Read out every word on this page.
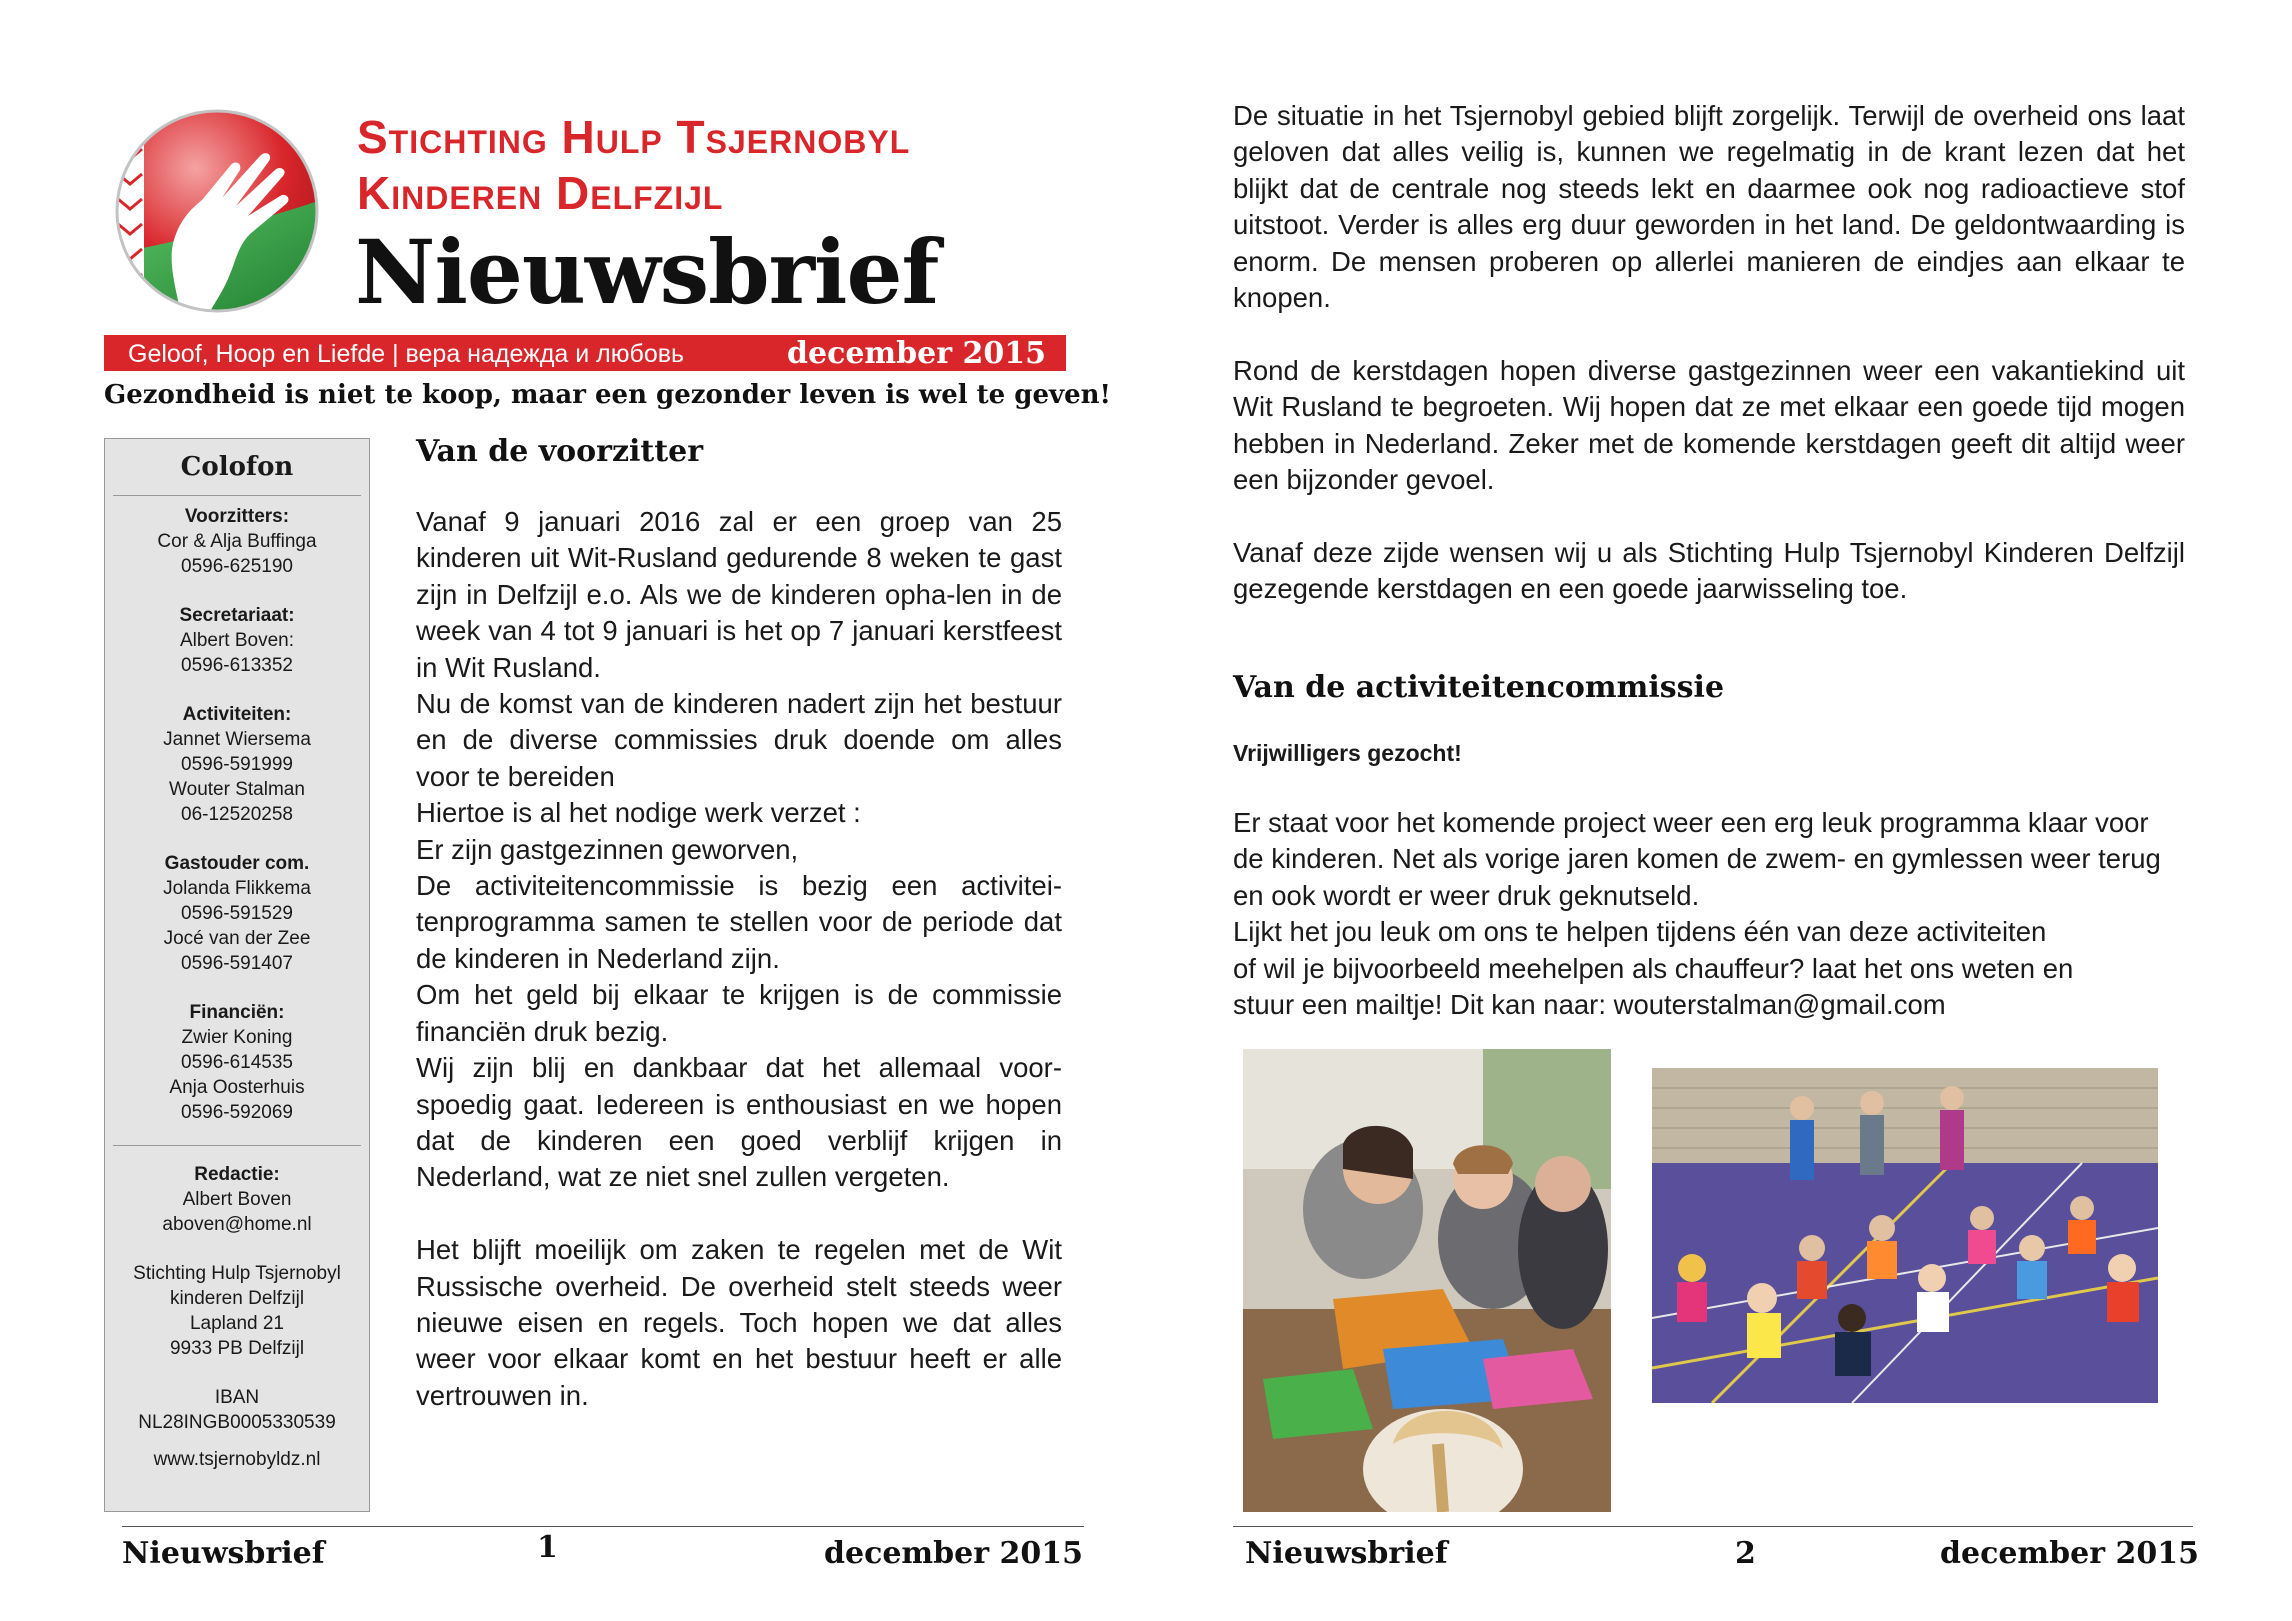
Stichting Hulp Tsjernobyl
Kinderen Delfzijl
Nieuwsbrief
Geloof, Hoop en Liefde | вера надежда и любовь	december 2015
Gezondheid is niet te koop, maar een gezonder leven is wel te geven!
Colofon
Voorzitters:
Cor & Alja Buffinga
0596-625190
Secretariaat:
Albert Boven:
0596-613352
Activiteiten:
Jannet Wiersema
0596-591999
Wouter Stalman
06-12520258
Gastouder com.
Jolanda Flikkema
0596-591529
Jocé van der Zee
0596-591407
Financiën:
Zwier Koning
0596-614535
Anja Oosterhuis
0596-592069
Redactie:
Albert Boven
aboven@home.nl
Stichting Hulp Tsjernobyl
kinderen Delfzijl
Lapland 21
9933 PB Delfzijl
IBAN
NL28INGB0005330539
www.tsjernobyldz.nl
Van de voorzitter

Vanaf 9 januari 2016 zal er een groep van 25 kinderen uit Wit-Rusland gedurende 8 weken te gast zijn in Delfzijl e.o. Als we de kinderen opha-len in de week van 4 tot 9 januari is het op 7 januari kerstfeest in Wit Rusland.

Nu de komst van de kinderen nadert zijn het bestuur en de diverse commissies druk doende om alles voor te bereiden

Hiertoe is al het nodige werk verzet :

Er zijn gastgezinnen geworven,

De activiteitencommissie is bezig een activitei-tenprogramma samen te stellen voor de periode dat de kinderen in Nederland zijn.

Om het geld bij elkaar te krijgen is de commissie financiën druk bezig.

Wij zijn blij en dankbaar dat het allemaal voor-spoedig gaat. Iedereen is enthousiast en we hopen dat de kinderen een goed verblijf krijgen in Nederland, wat ze niet snel zullen vergeten.

Het blijft moeilijk om zaken te regelen met de Wit Russische overheid. De overheid stelt steeds weer nieuwe eisen en regels. Toch hopen we dat alles weer voor elkaar komt en het bestuur heeft er alle vertrouwen in.

Nieuwsbrief	1	december 2015

De situatie in het Tsjernobyl gebied blijft zorgelijk. Terwijl de overheid ons laat geloven dat alles veilig is, kunnen we regelmatig in de krant lezen dat het blijkt dat de centrale nog steeds lekt en daarmee ook nog radioactieve stof uitstoot. Verder is alles erg duur geworden in het land. De geldontwaarding is enorm. De mensen proberen op allerlei manieren de eindjes aan elkaar te knopen.

Rond de kerstdagen hopen diverse gastgezinnen weer een vakantiekind uit Wit Rusland te begroeten. Wij hopen dat ze met elkaar een goede tijd mogen hebben in Nederland. Zeker met de komende kerstdagen geeft dit altijd weer een bijzonder gevoel.

Vanaf deze zijde wensen wij u als Stichting Hulp Tsjernobyl Kinderen Delfzijl gezegende kerstdagen en een goede jaarwisseling toe.

Van de activiteitencommissie
Vrijwilligers gezocht!

Er staat voor het komende project weer een erg leuk programma klaar voor de kinderen. Net als vorige jaren komen de zwem- en gymlessen weer terug en ook wordt er weer druk geknutseld.

Lijkt het jou leuk om ons te helpen tijdens één van deze activiteiten

of wil je bijvoorbeeld meehelpen als chauffeur? laat het ons weten en

stuur een mailtje! Dit kan naar: wouterstalman@gmail.com

Nieuwsbrief	2	december 2015
